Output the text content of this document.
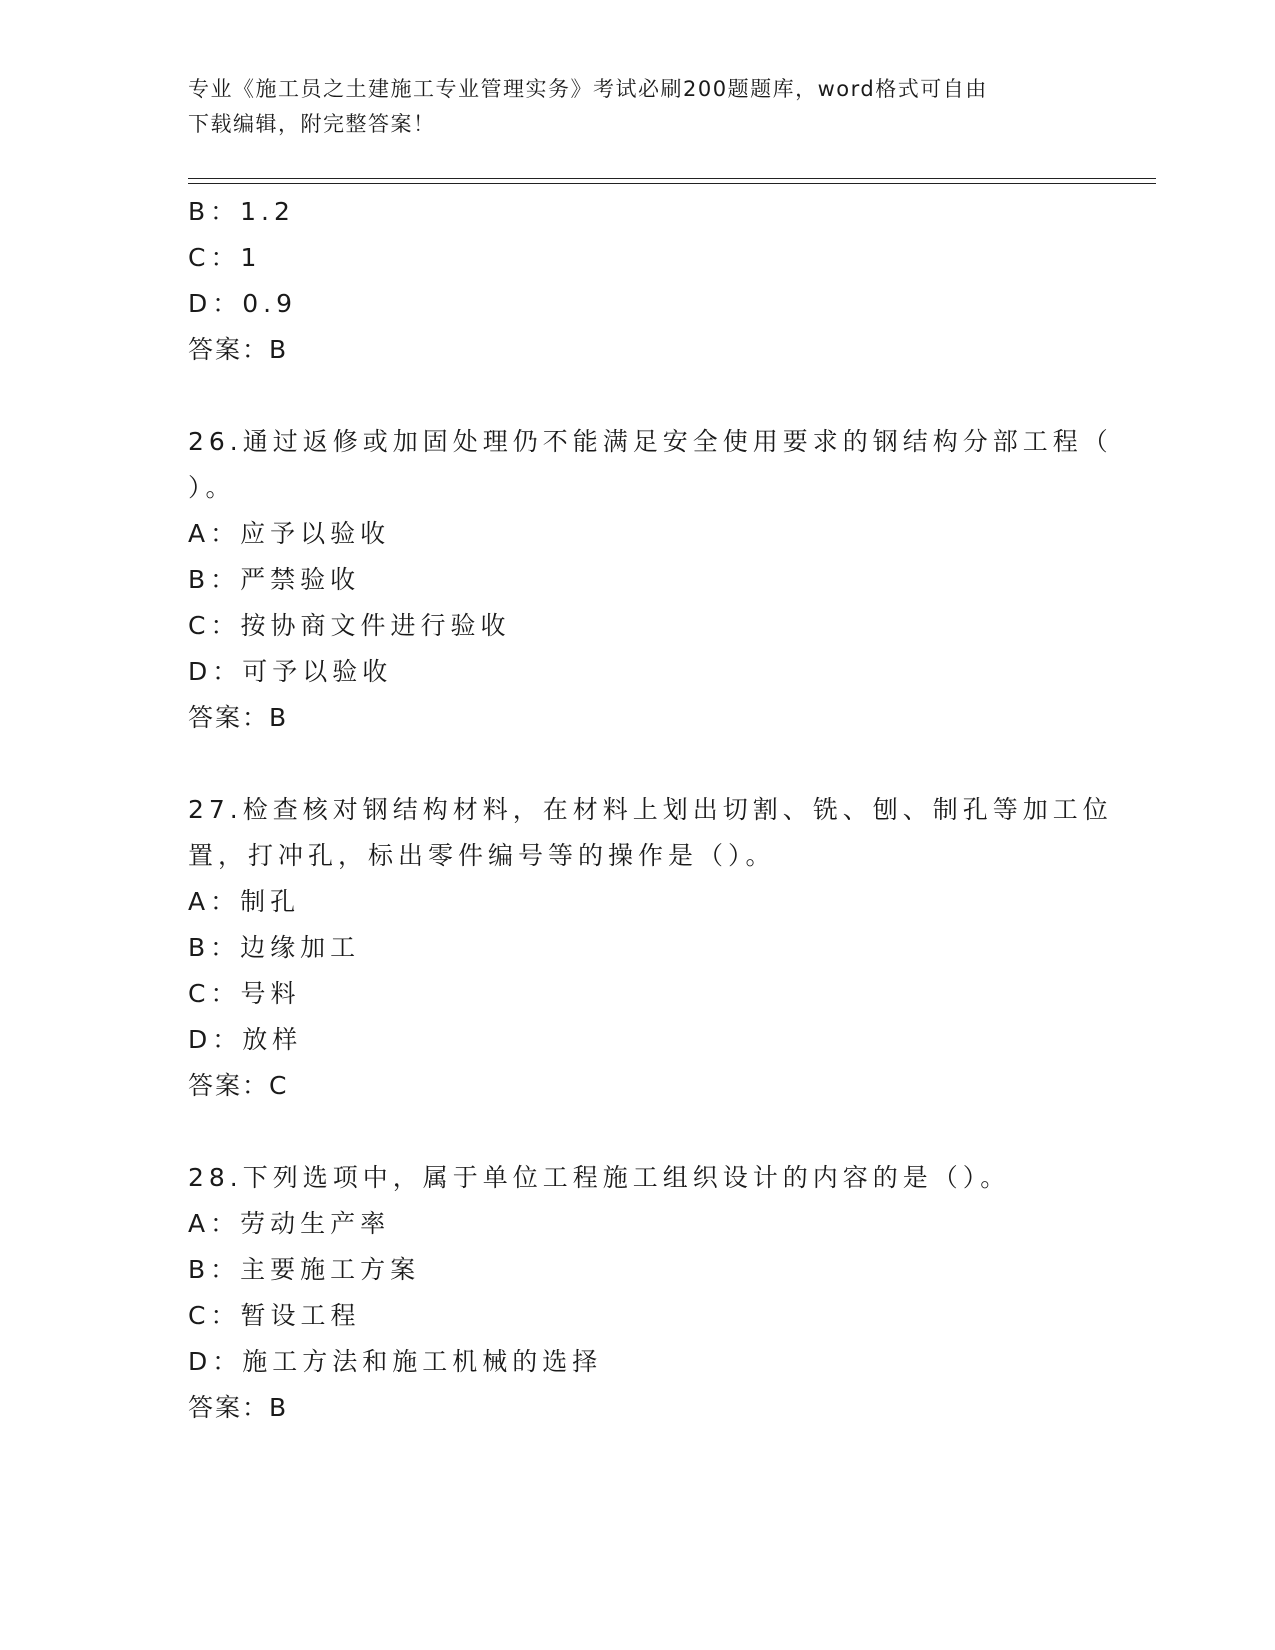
专业《施工员之土建施工专业管理实务》考试必刷200题题库，word格式可自由
下载编辑，附完整答案！
B：1.2
C：1
D：0.9
答案：B
26.通过返修或加固处理仍不能满足安全使用要求的钢结构分部工程（
）。
A：应予以验收
B：严禁验收
C：按协商文件进行验收
D：可予以验收
答案：B
27.检查核对钢结构材料，在材料上划出切割、铣、刨、制孔等加工位
置，打冲孔，标出零件编号等的操作是（）。
A：制孔
B：边缘加工
C：号料
D：放样
答案：C
28.下列选项中，属于单位工程施工组织设计的内容的是（）。
A：劳动生产率
B：主要施工方案
C：暂设工程
D：施工方法和施工机械的选择
答案：B
